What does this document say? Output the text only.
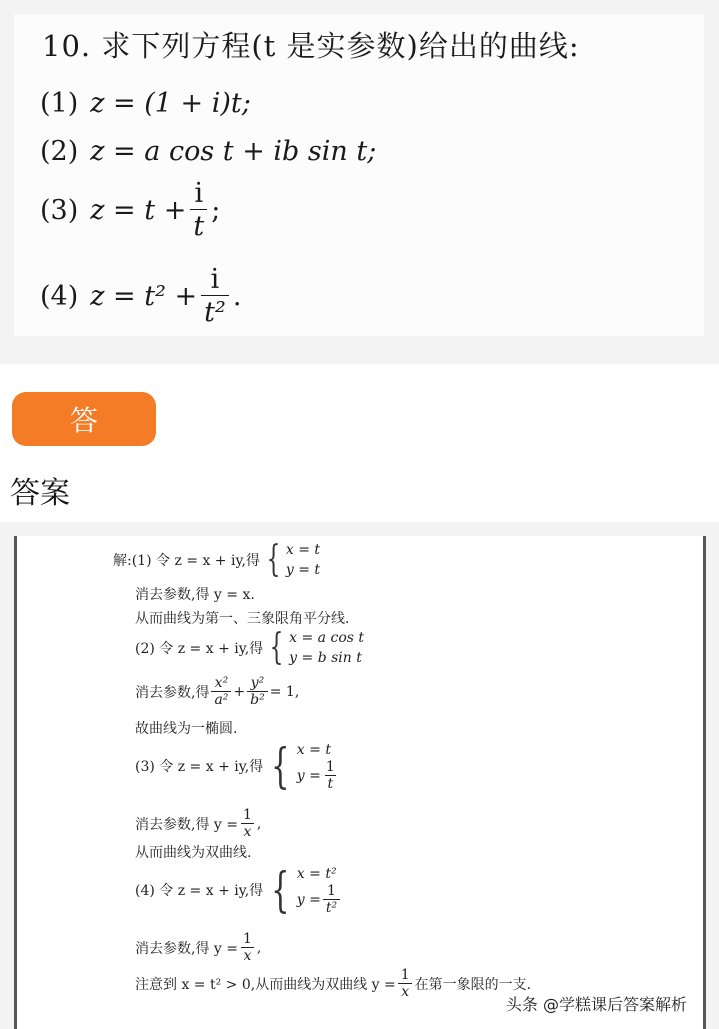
10. 求下列方程(t 是实参数)给出的曲线:
(1) z = (1 + i)t;
(2) z = a cos t + ib sin t;
(3) $z = t + \frac{i}{t}$ ;
(4) $z = t^2 + \frac{i}{\text{t²}}$ .
答
答案
解:(1) 令 z = x + iy,得 { x = t
y = t
消去参数,得 y = x.
从而曲线为第一、三象限角平分线.
(2) 令 z = x + iy,得 { x = a cos t
y = b sin t
消去参数,得 $\frac{\text{x²}}{\text{a²}} + \frac{\text{y²}}{\text{b²}} = 1$,
故曲线为一椭圆.
(3) 令 z = x + iy,得 { x = t
$y = \frac{1}{t}$
消去参数,得 $y = \frac{1}{x}$ ,
从而曲线为双曲线.
(4) 令 z = x + iy,得 { x = t²
$y = \frac{1}{\text{t²}}$
消去参数,得 $y = \frac{1}{x}$ ,
注意到 x = t² > 0,从而曲线为双曲线 $y = \frac{1}{x}$ 在第一象限的一支.
头条 @学糕课后答案解析
